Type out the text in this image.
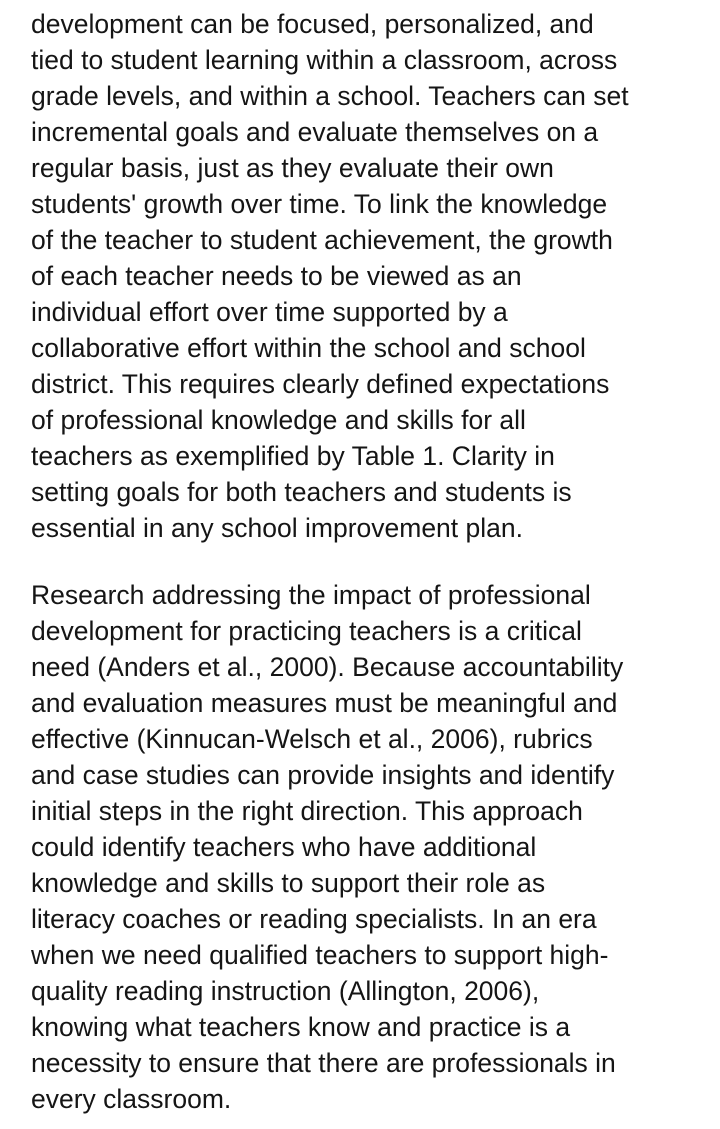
development can be focused, personalized, and
tied to student learning within a classroom, across
grade levels, and within a school. Teachers can set
incremental goals and evaluate themselves on a
regular basis, just as they evaluate their own
students' growth over time. To link the knowledge
of the teacher to student achievement, the growth
of each teacher needs to be viewed as an
individual effort over time supported by a
collaborative effort within the school and school
district. This requires clearly defined expectations
of professional knowledge and skills for all
teachers as exemplified by Table 1. Clarity in
setting goals for both teachers and students is
essential in any school improvement plan.
Research addressing the impact of professional
development for practicing teachers is a critical
need (Anders et al., 2000). Because accountability
and evaluation measures must be meaningful and
effective (Kinnucan-Welsch et al., 2006), rubrics
and case studies can provide insights and identify
initial steps in the right direction. This approach
could identify teachers who have additional
knowledge and skills to support their role as
literacy coaches or reading specialists. In an era
when we need qualified teachers to support high-
quality reading instruction (Allington, 2006),
knowing what teachers know and practice is a
necessity to ensure that there are professionals in
every classroom.
